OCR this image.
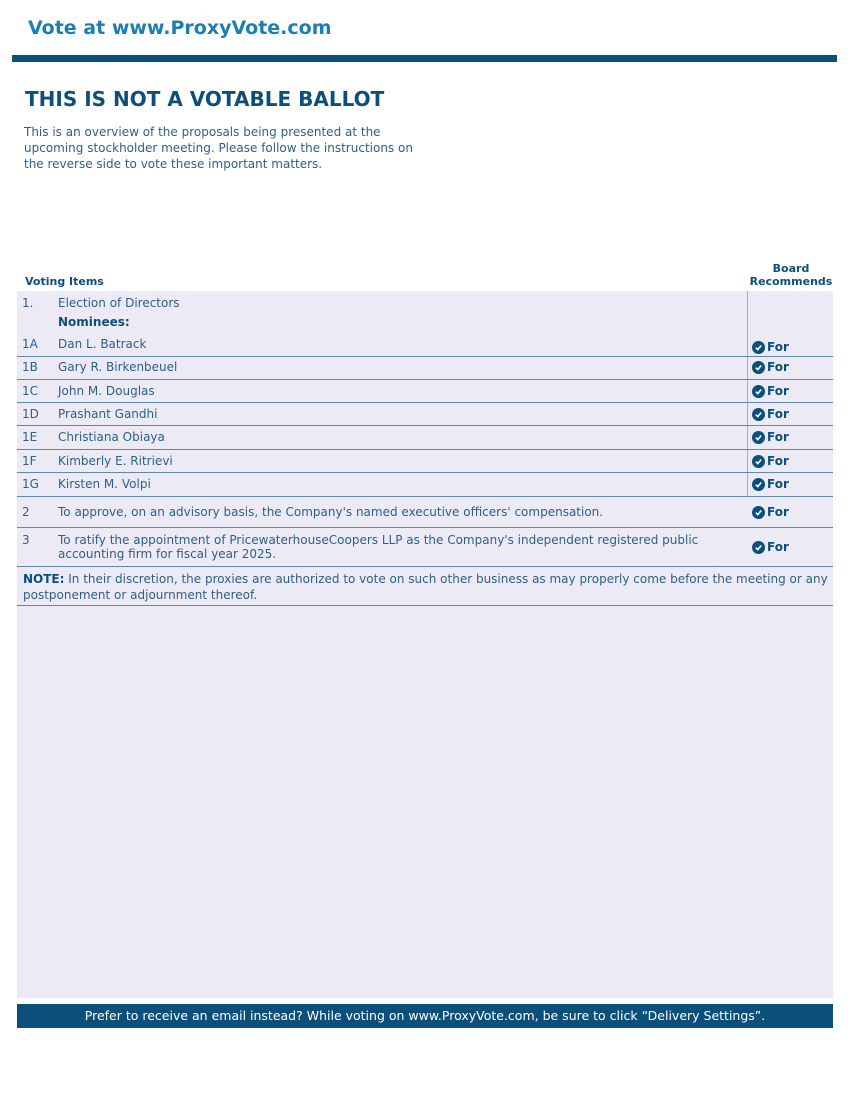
Vote at www.ProxyVote.com
THIS IS NOT A VOTABLE BALLOT
This is an overview of the proposals being presented at the upcoming stockholder meeting. Please follow the instructions on the reverse side to vote these important matters.
Voting Items
Board
Recommends
1. Election of Directors
Nominees:
1A Dan L. Batrack	For
1B Gary R. Birkenbeuel	For
1C John M. Douglas	For
1D Prashant Gandhi	For
1E Christiana Obiaya	For
1F Kimberly E. Ritrievi	For
1G Kirsten M. Volpi	For
2 To approve, on an advisory basis, the Company's named executive officers' compensation.	For
3 To ratify the appointment of PricewaterhouseCoopers LLP as the Company's independent registered public accounting firm for fiscal year 2025.	For
NOTE: In their discretion, the proxies are authorized to vote on such other business as may properly come before the meeting or any postponement or adjournment thereof.
Prefer to receive an email instead? While voting on www.ProxyVote.com, be sure to click “Delivery Settings”.
